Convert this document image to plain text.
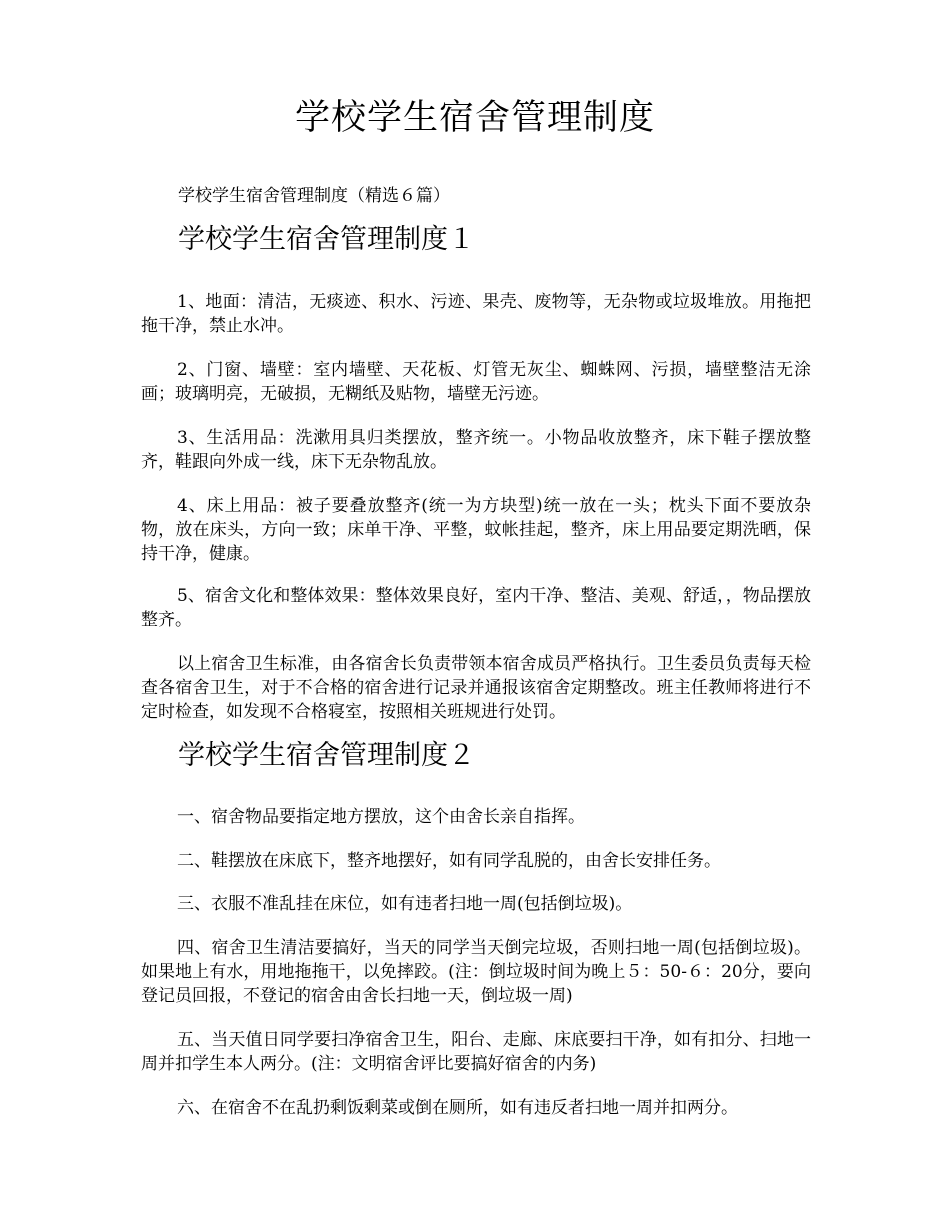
学校学生宿舍管理制度

学校学生宿舍管理制度（精选６篇）

学校学生宿舍管理制度１

1、地面：清洁，无痰迹、积水、污迹、果壳、废物等，无杂物或垃圾堆放。用拖把拖干净，禁止水冲。

2、门窗、墙壁：室内墙壁、天花板、灯管无灰尘、蜘蛛网、污损，墙壁整洁无涂画；玻璃明亮，无破损，无糊纸及贴物，墙壁无污迹。

3、生活用品：洗漱用具归类摆放，整齐统一。小物品收放整齐，床下鞋子摆放整齐，鞋跟向外成一线，床下无杂物乱放。

4、床上用品：被子要叠放整齐(统一为方块型)统一放在一头；枕头下面不要放杂物，放在床头，方向一致；床单干净、平整，蚊帐挂起，整齐，床上用品要定期洗晒，保持干净，健康。

5、宿舍文化和整体效果：整体效果良好，室内干净、整洁、美观、舒适，，物品摆放整齐。

以上宿舍卫生标准，由各宿舍长负责带领本宿舍成员严格执行。卫生委员负责每天检查各宿舍卫生，对于不合格的宿舍进行记录并通报该宿舍定期整改。班主任教师将进行不定时检查，如发现不合格寝室，按照相关班规进行处罚。

学校学生宿舍管理制度２

一、宿舍物品要指定地方摆放，这个由舍长亲自指挥。

二、鞋摆放在床底下，整齐地摆好，如有同学乱脱的，由舍长安排任务。

三、衣服不准乱挂在床位，如有违者扫地一周(包括倒垃圾)。

四、宿舍卫生清洁要搞好，当天的同学当天倒完垃圾，否则扫地一周(包括倒垃圾)。如果地上有水，用地拖拖干，以免摔跤。(注：倒垃圾时间为晚上５：50-６：20分，要向登记员回报，不登记的宿舍由舍长扫地一天，倒垃圾一周)

五、当天值日同学要扫净宿舍卫生，阳台、走廊、床底要扫干净，如有扣分、扫地一周并扣学生本人两分。(注：文明宿舍评比要搞好宿舍的内务)

六、在宿舍不在乱扔剩饭剩菜或倒在厕所，如有违反者扫地一周并扣两分。
